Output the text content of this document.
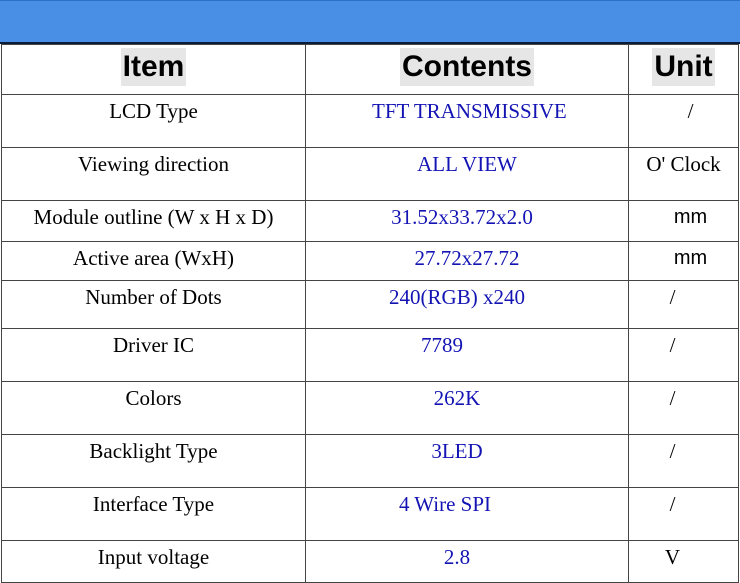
Item	Contents	Unit

LCD Type	TFT TRANSMISSIVE	/

Viewing direction	ALL VIEW	O' Clock

Module outline (W x H x D)	31.52x33.72x2.0	mm

Active area (WxH)	27.72x27.72	mm

Number of Dots	240(RGB) x240	/

Driver IC	7789	/

Colors	262K	/

Backlight Type	3LED	/

Interface Type	4 Wire SPI	/

Input voltage	2.8	V
